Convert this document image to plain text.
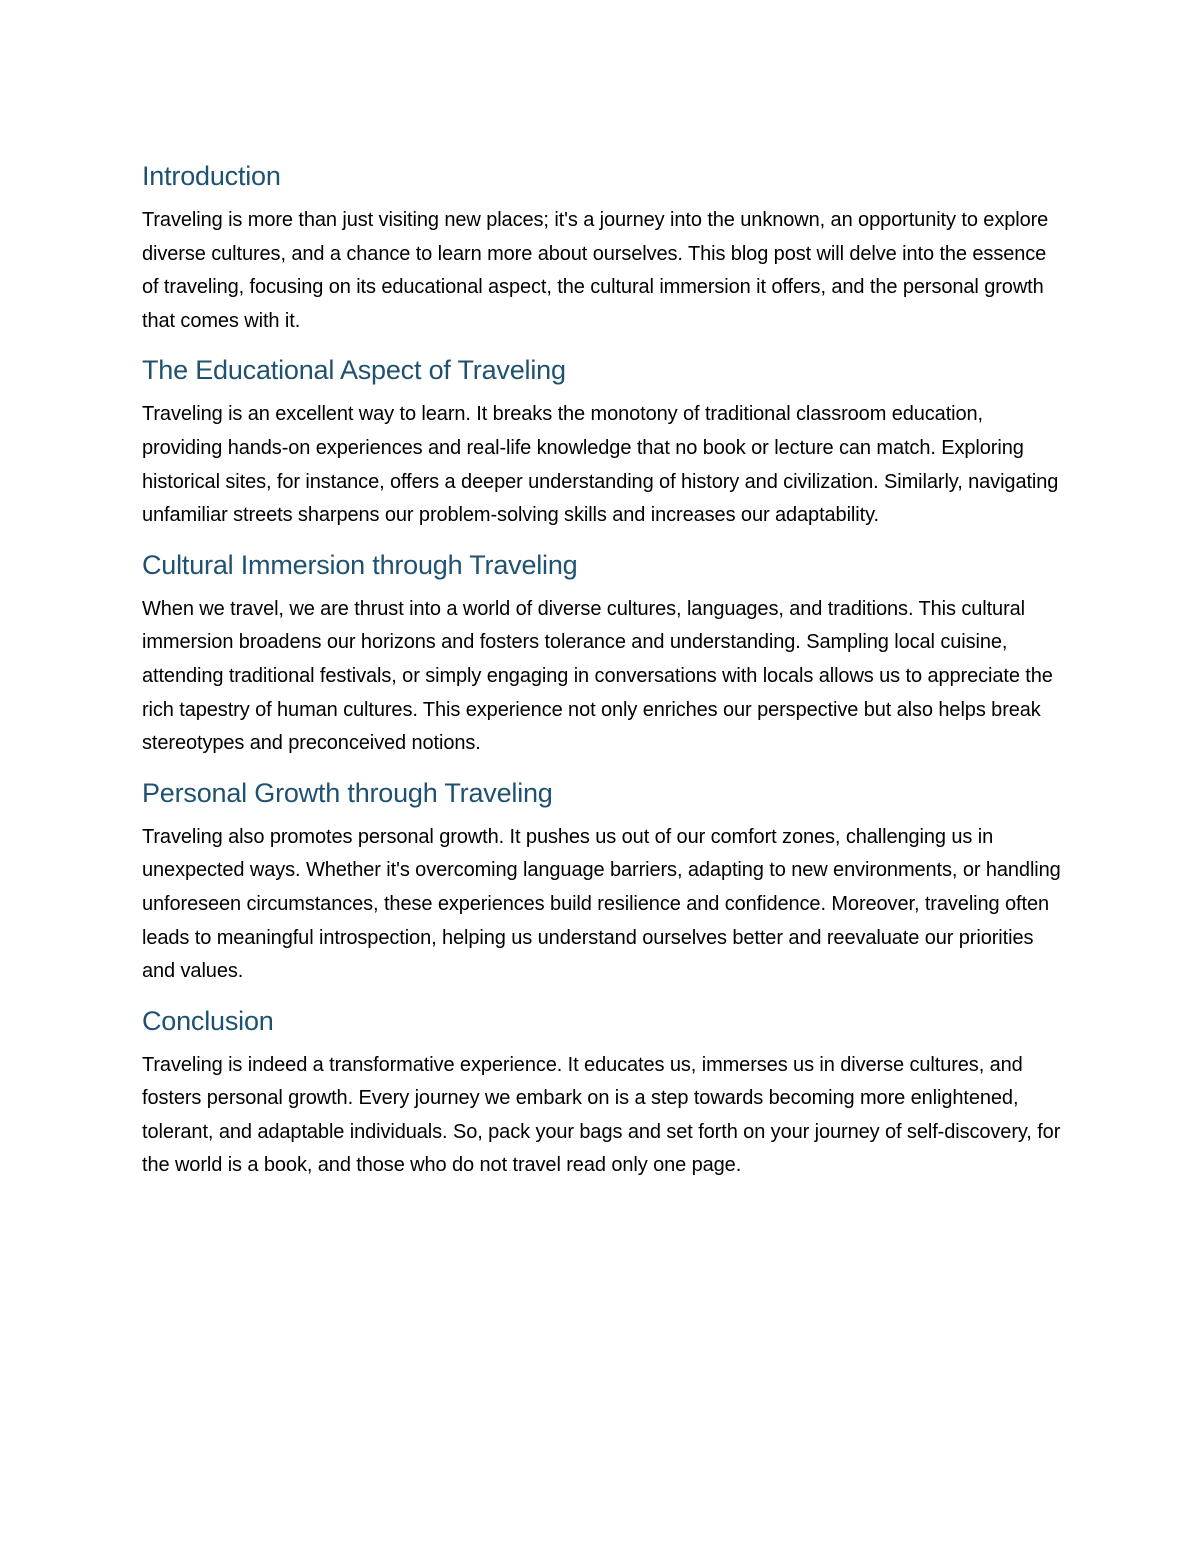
Introduction

Traveling is more than just visiting new places; it's a journey into the unknown, an opportunity to explore diverse cultures, and a chance to learn more about ourselves. This blog post will delve into the essence of traveling, focusing on its educational aspect, the cultural immersion it offers, and the personal growth that comes with it.

The Educational Aspect of Traveling

Traveling is an excellent way to learn. It breaks the monotony of traditional classroom education, providing hands-on experiences and real-life knowledge that no book or lecture can match. Exploring historical sites, for instance, offers a deeper understanding of history and civilization. Similarly, navigating unfamiliar streets sharpens our problem-solving skills and increases our adaptability.

Cultural Immersion through Traveling

When we travel, we are thrust into a world of diverse cultures, languages, and traditions. This cultural immersion broadens our horizons and fosters tolerance and understanding. Sampling local cuisine, attending traditional festivals, or simply engaging in conversations with locals allows us to appreciate the rich tapestry of human cultures. This experience not only enriches our perspective but also helps break stereotypes and preconceived notions.

Personal Growth through Traveling

Traveling also promotes personal growth. It pushes us out of our comfort zones, challenging us in unexpected ways. Whether it's overcoming language barriers, adapting to new environments, or handling unforeseen circumstances, these experiences build resilience and confidence. Moreover, traveling often leads to meaningful introspection, helping us understand ourselves better and reevaluate our priorities and values.

Conclusion

Traveling is indeed a transformative experience. It educates us, immerses us in diverse cultures, and fosters personal growth. Every journey we embark on is a step towards becoming more enlightened, tolerant, and adaptable individuals. So, pack your bags and set forth on your journey of self-discovery, for the world is a book, and those who do not travel read only one page.
